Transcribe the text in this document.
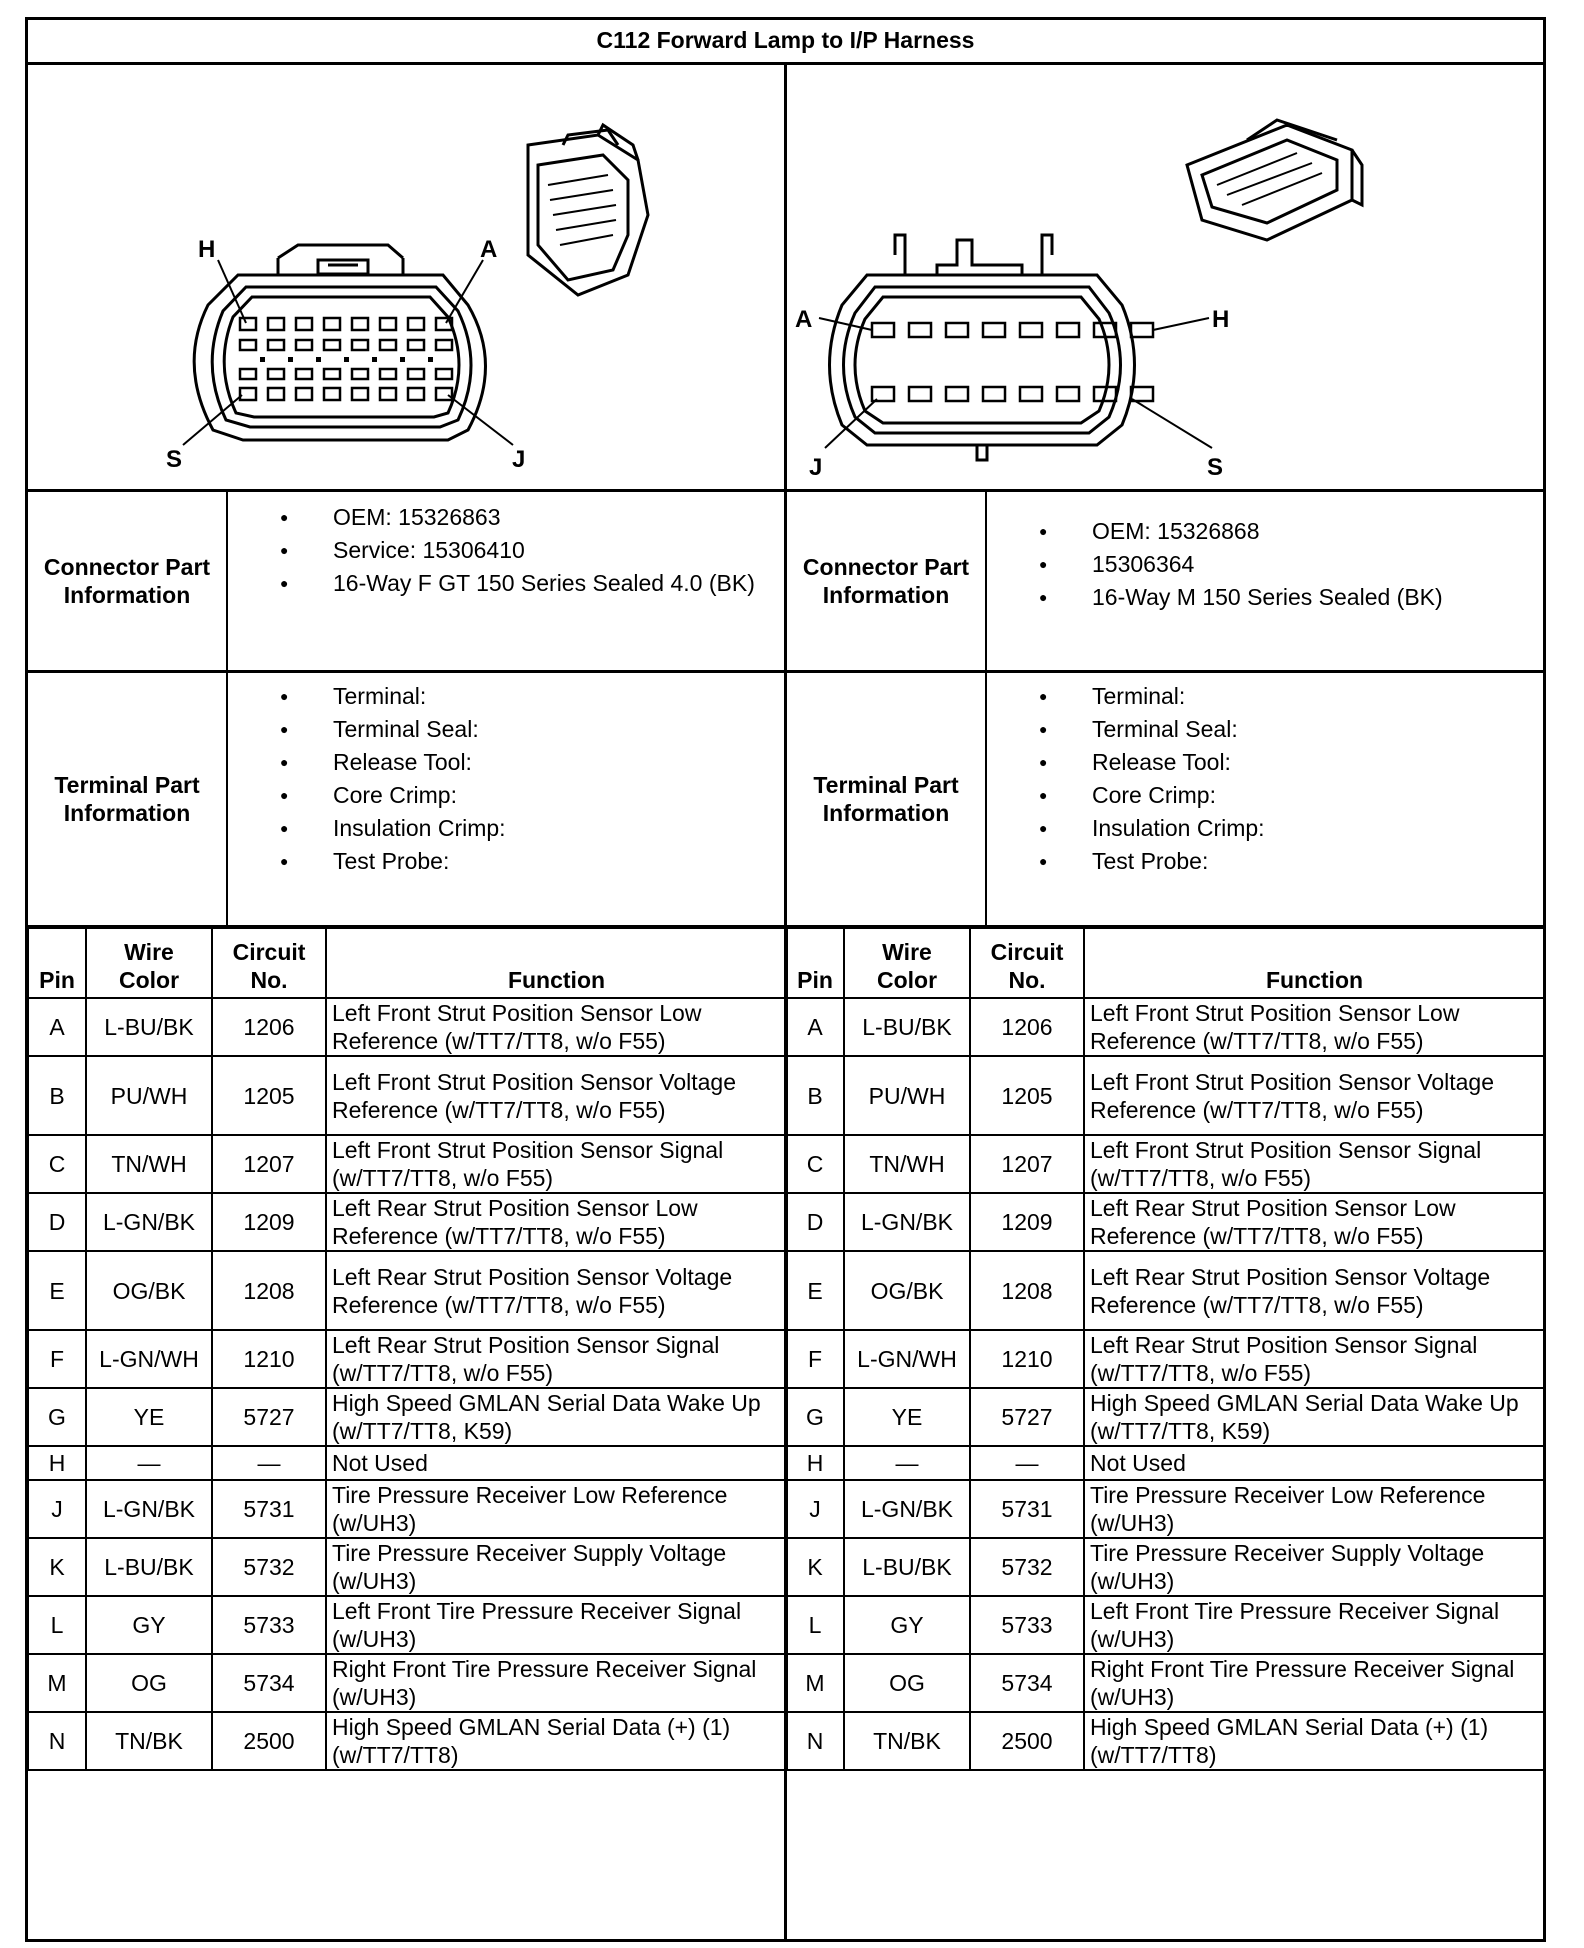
C112 Forward Lamp to I/P Harness
H	A
S	J
A	H
J	S
Connector Part Information
● OEM: 15326863
● Service: 15306410
● 16-Way F GT 150 Series Sealed 4.0 (BK)
Connector Part Information
● OEM: 15326868
● 15306364
● 16-Way M 150 Series Sealed (BK)
Terminal Part Information
● Terminal:
● Terminal Seal:
● Release Tool:
● Core Crimp:
● Insulation Crimp:
● Test Probe:
Terminal Part Information
● Terminal:
● Terminal Seal:
● Release Tool:
● Core Crimp:
● Insulation Crimp:
● Test Probe:
Pin	Wire Color	Circuit No.	Function
A	L-BU/BK	1206	Left Front Strut Position Sensor Low Reference (w/TT7/TT8, w/o F55)
B	PU/WH	1205	Left Front Strut Position Sensor Voltage Reference (w/TT7/TT8, w/o F55)
C	TN/WH	1207	Left Front Strut Position Sensor Signal (w/TT7/TT8, w/o F55)
D	L-GN/BK	1209	Left Rear Strut Position Sensor Low Reference (w/TT7/TT8, w/o F55)
E	OG/BK	1208	Left Rear Strut Position Sensor Voltage Reference (w/TT7/TT8, w/o F55)
F	L-GN/WH	1210	Left Rear Strut Position Sensor Signal (w/TT7/TT8, w/o F55)
G	YE	5727	High Speed GMLAN Serial Data Wake Up (w/TT7/TT8, K59)
H	—	—	Not Used
J	L-GN/BK	5731	Tire Pressure Receiver Low Reference (w/UH3)
K	L-BU/BK	5732	Tire Pressure Receiver Supply Voltage (w/UH3)
L	GY	5733	Left Front Tire Pressure Receiver Signal (w/UH3)
M	OG	5734	Right Front Tire Pressure Receiver Signal (w/UH3)
N	TN/BK	2500	High Speed GMLAN Serial Data (+) (1) (w/TT7/TT8)
Pin	Wire Color	Circuit No.	Function
A	L-BU/BK	1206	Left Front Strut Position Sensor Low Reference (w/TT7/TT8, w/o F55)
B	PU/WH	1205	Left Front Strut Position Sensor Voltage Reference (w/TT7/TT8, w/o F55)
C	TN/WH	1207	Left Front Strut Position Sensor Signal (w/TT7/TT8, w/o F55)
D	L-GN/BK	1209	Left Rear Strut Position Sensor Low Reference (w/TT7/TT8, w/o F55)
E	OG/BK	1208	Left Rear Strut Position Sensor Voltage Reference (w/TT7/TT8, w/o F55)
F	L-GN/WH	1210	Left Rear Strut Position Sensor Signal (w/TT7/TT8, w/o F55)
G	YE	5727	High Speed GMLAN Serial Data Wake Up (w/TT7/TT8, K59)
H	—	—	Not Used
J	L-GN/BK	5731	Tire Pressure Receiver Low Reference (w/UH3)
K	L-BU/BK	5732	Tire Pressure Receiver Supply Voltage (w/UH3)
L	GY	5733	Left Front Tire Pressure Receiver Signal (w/UH3)
M	OG	5734	Right Front Tire Pressure Receiver Signal (w/UH3)
N	TN/BK	2500	High Speed GMLAN Serial Data (+) (1) (w/TT7/TT8)
